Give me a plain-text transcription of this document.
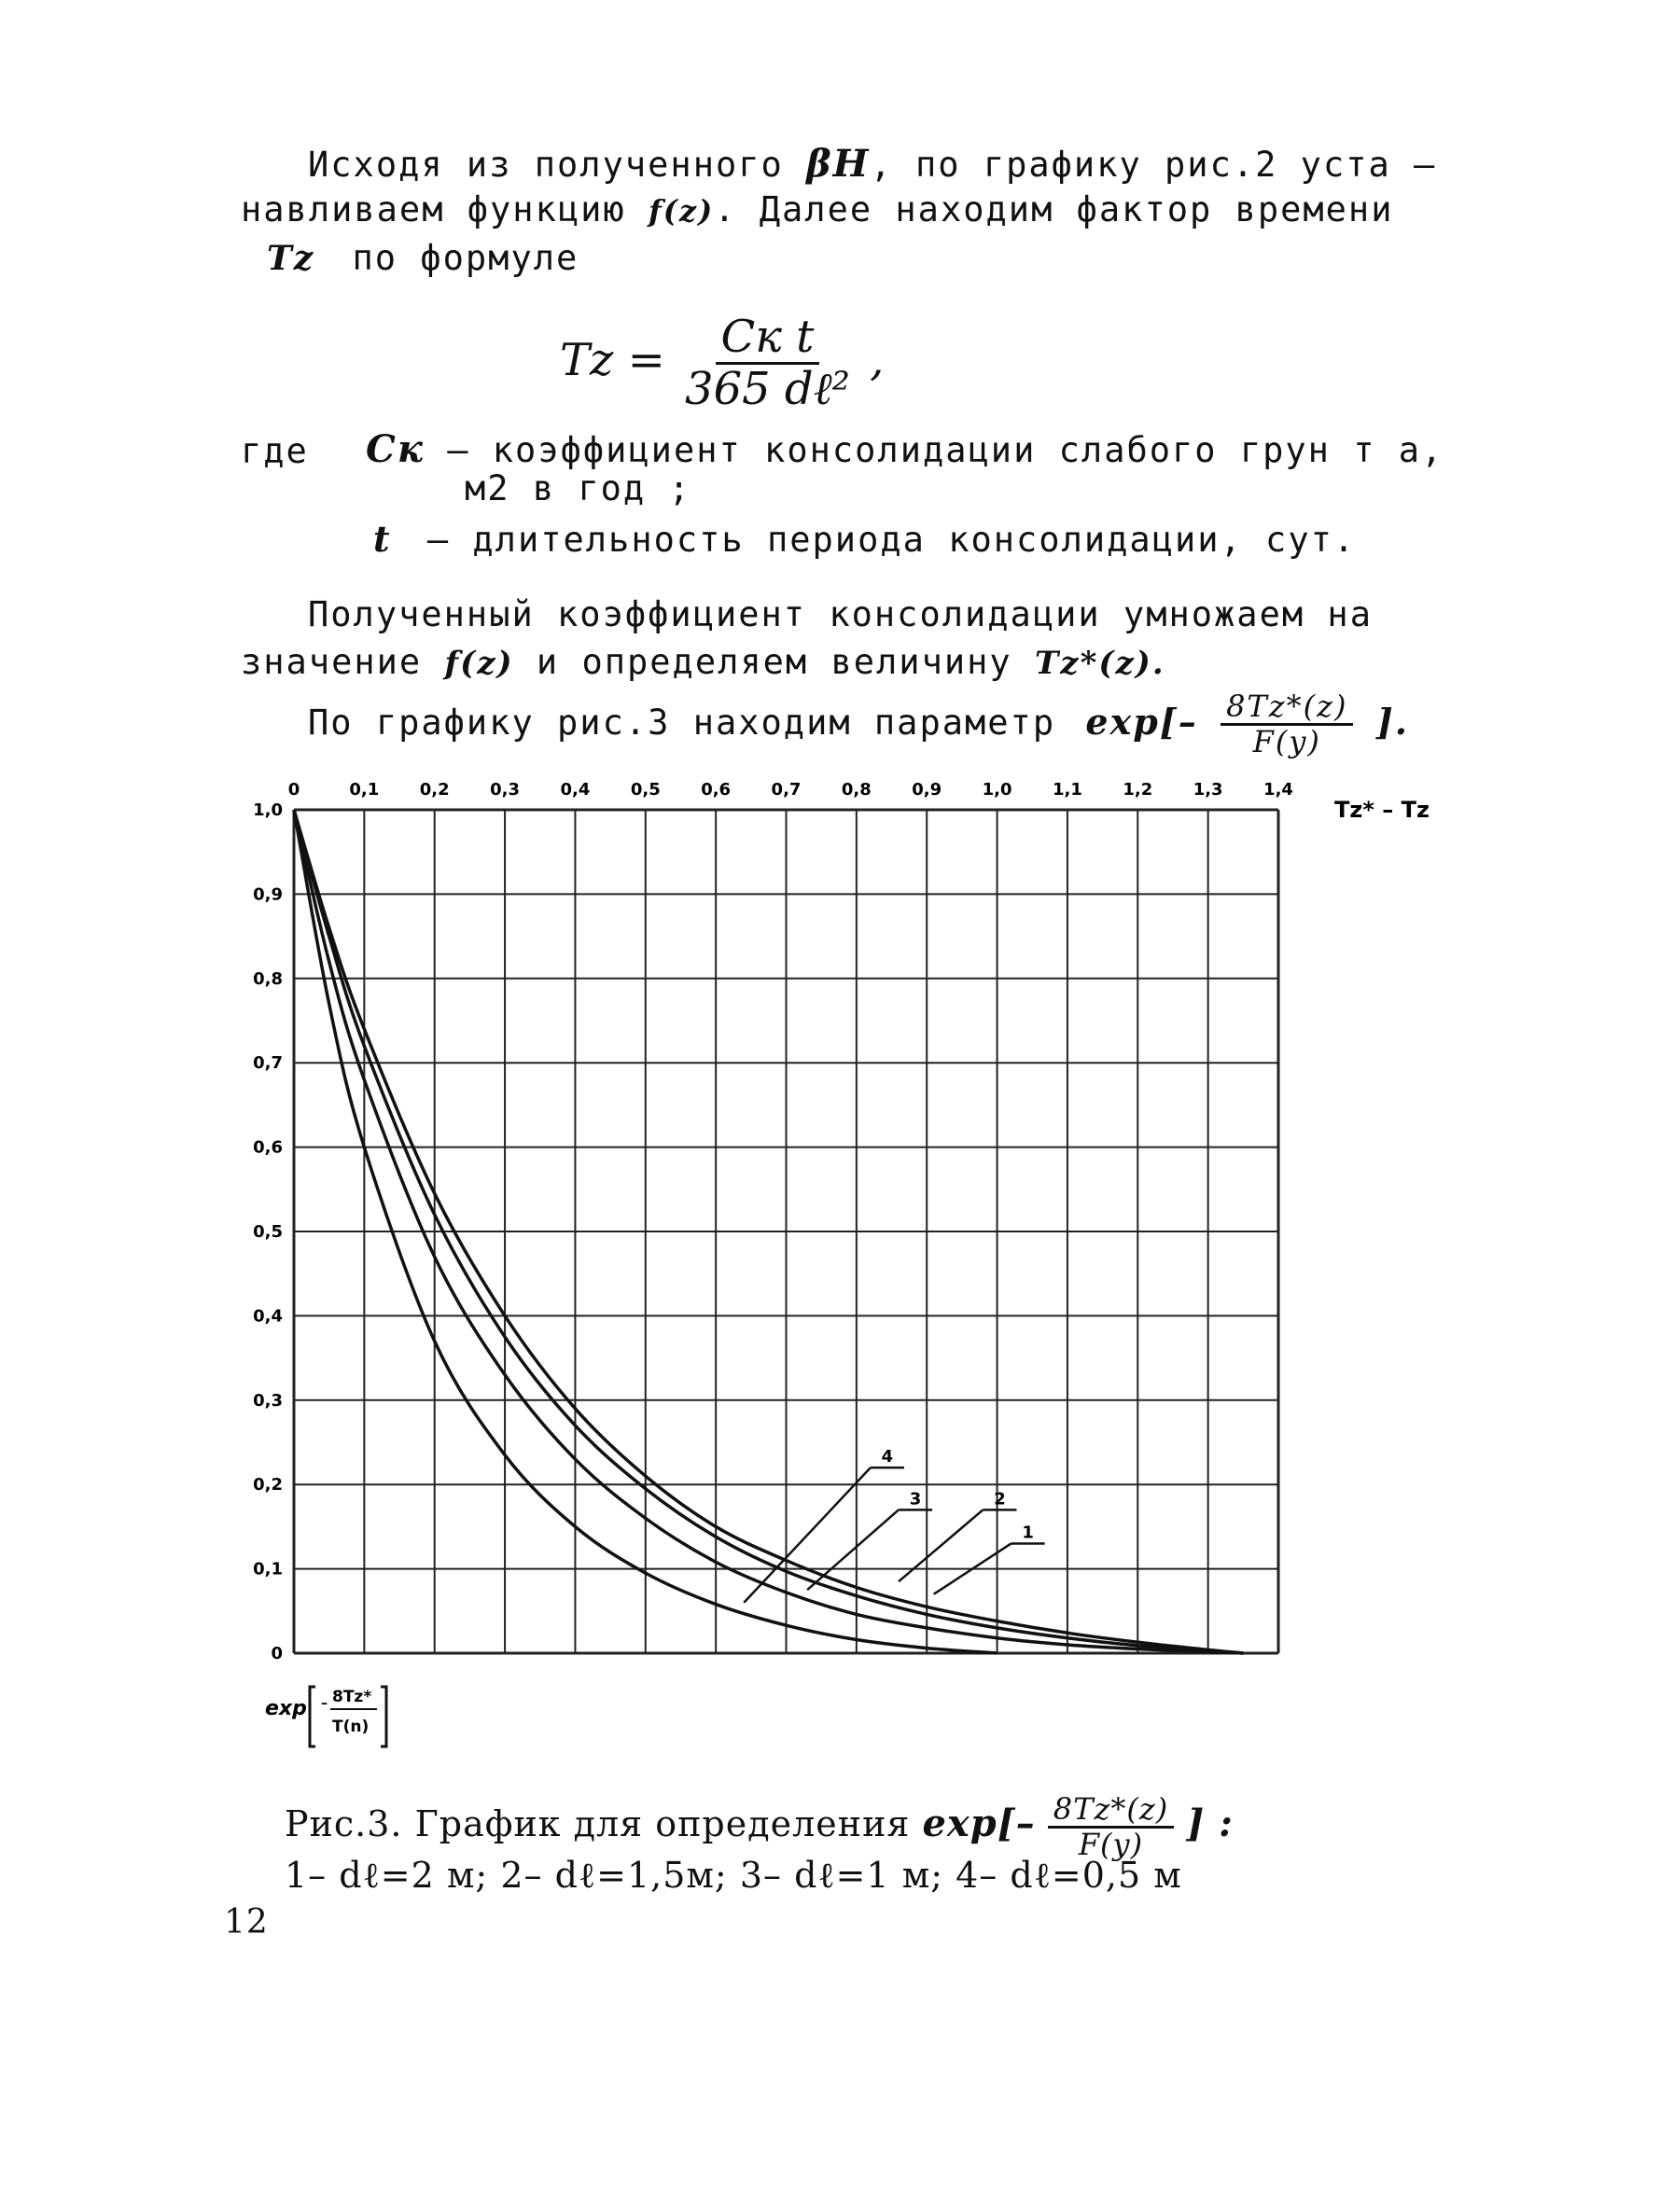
Исходя из полученного βH, по графику рис.2 уста –
навливаем функцию f(z). Далее находим фактор времени
Tz по формуле
$Tz = \frac{\text{Cк t}}{\text{365 dℓ²}}$ ,
где Cк – коэффициент консолидации слабого грун т а,
м2 в год ;
t – длительность периода консолидации, сут.
Полученный коэффициент консолидации умножаем на
значение f(z) и определяем величину Tz*(z).
По графику рис.3 находим параметр $\exp[- \frac{8Tz*(z)}{F(y)}$ ].
0	0,1 0,2 0,3 0,4 0,5 0,6 0,7 0,8 0,9 1,0 1,1 1,2 1,3 1,4
1,0
0,9
0,8
0,7
0,6
0,5
0,4
0,3
0,2
0,1
0
4
3	2
1
Tz* – Tz
exp – 8Tz*
T(n)
Рис.3. График для определения $\exp[- \frac{8Tz*(z)}{F(y)}$ ] :
1– dℓ=2 м; 2– dℓ=1,5м; 3– dℓ=1 м; 4– dℓ=0,5 м
12
